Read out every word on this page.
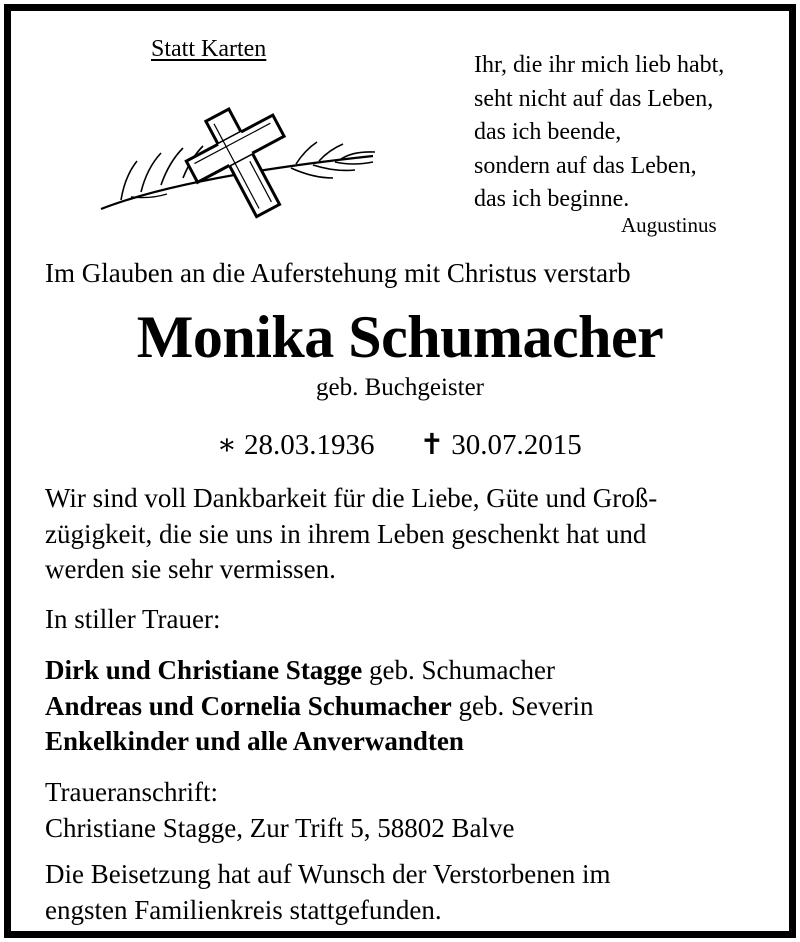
Statt Karten
Ihr, die ihr mich lieb habt,
seht nicht auf das Leben,
das ich beende,
sondern auf das Leben,
das ich beginne.
Augustinus
Im Glauben an die Auferstehung mit Christus verstarb
Monika Schumacher
geb. Buchgeister
∗ 28.03.1936 ✝ 30.07.2015
Wir sind voll Dankbarkeit für die Liebe, Güte und Groß-
zügigkeit, die sie uns in ihrem Leben geschenkt hat und
werden sie sehr vermissen.
In stiller Trauer:
Dirk und Christiane Stagge geb. Schumacher
Andreas und Cornelia Schumacher geb. Severin
Enkelkinder und alle Anverwandten
Traueranschrift:
Christiane Stagge, Zur Trift 5, 58802 Balve
Die Beisetzung hat auf Wunsch der Verstorbenen im
engsten Familienkreis stattgefunden.
